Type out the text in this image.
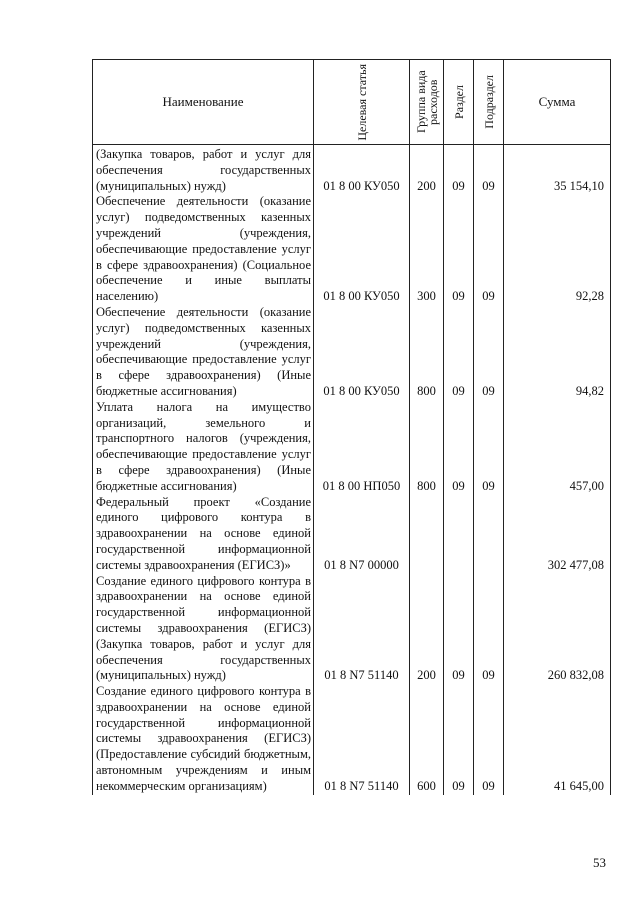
Наименование	Целевая статья	Группа вида расходов	Раздел	Подраздел	Сумма
(Закупка товаров, работ и услуг для обеспечения государственных (муниципальных) нужд)	01 8 00 КУ050	200	09	09	35 154,10
Обеспечение деятельности (оказание услуг) подведомственных казенных учреждений (учреждения, обеспечивающие предоставление услуг в сфере здравоохранения) (Социальное обеспечение и иные выплаты населению)	01 8 00 КУ050	300	09	09	92,28
Обеспечение деятельности (оказание услуг) подведомственных казенных учреждений (учреждения, обеспечивающие предоставление услуг в сфере здравоохранения) (Иные бюджетные ассигнования)	01 8 00 КУ050	800	09	09	94,82
Уплата налога на имущество организаций, земельного и транспортного налогов (учреждения, обеспечивающие предоставление услуг в сфере здравоохранения) (Иные бюджетные ассигнования)	01 8 00 НП050	800	09	09	457,00
Федеральный проект «Создание единого цифрового контура в здравоохранении на основе единой государственной информационной системы здравоохранения (ЕГИСЗ)»	01 8 N7 00000				302 477,08
Создание единого цифрового контура в здравоохранении на основе единой государственной информационной системы здравоохранения (ЕГИСЗ) (Закупка товаров, работ и услуг для обеспечения государственных (муниципальных) нужд)	01 8 N7 51140	200	09	09	260 832,08
Создание единого цифрового контура в здравоохранении на основе единой государственной информационной системы здравоохранения (ЕГИСЗ) (Предоставление субсидий бюджетным, автономным учреждениям и иным некоммерческим организациям)	01 8 N7 51140	600	09	09	41 645,00
53
